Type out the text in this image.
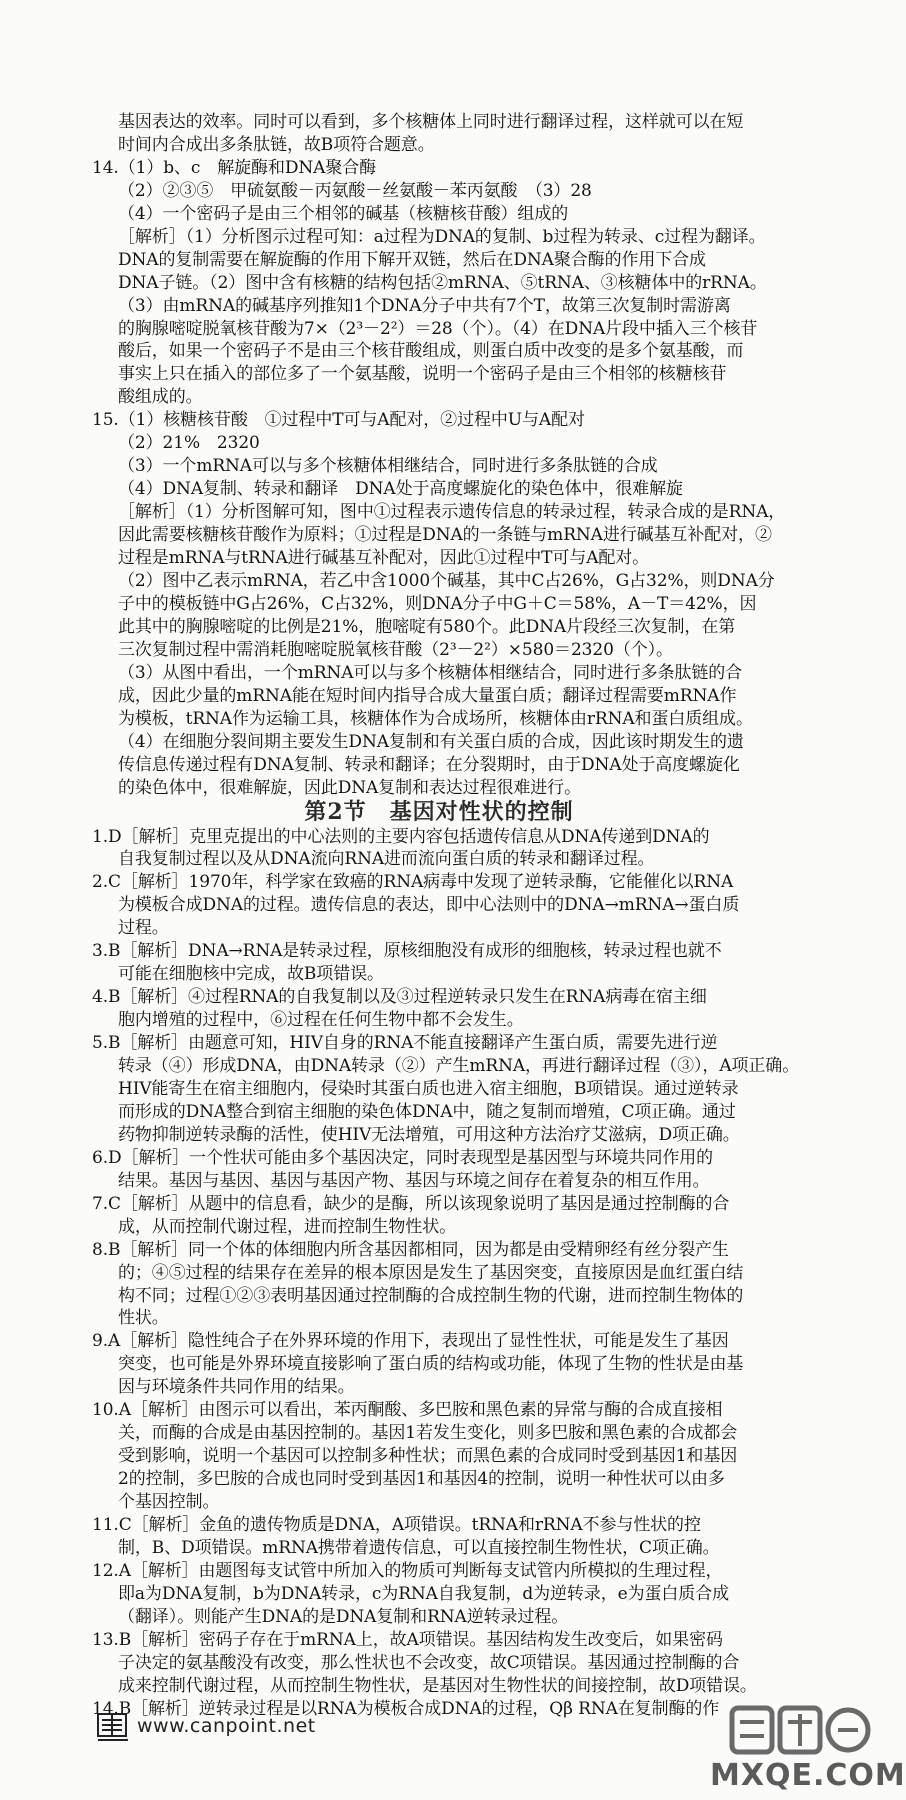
基因表达的效率。同时可以看到，多个核糖体上同时进行翻译过程，这样就可以在短
时间内合成出多条肽链，故B项符合题意。
14.（1）b、c　解旋酶和DNA聚合酶
（2）②③⑤　甲硫氨酸－丙氨酸－丝氨酸－苯丙氨酸　（3）28
（4）一个密码子是由三个相邻的碱基（核糖核苷酸）组成的
［解析］（1）分析图示过程可知：a过程为DNA的复制、b过程为转录、c过程为翻译。
DNA的复制需要在解旋酶的作用下解开双链，然后在DNA聚合酶的作用下合成
DNA子链。（2）图中含有核糖的结构包括②mRNA、⑤tRNA、③核糖体中的rRNA。
（3）由mRNA的碱基序列推知1个DNA分子中共有7个T，故第三次复制时需游离
的胸腺嘧啶脱氧核苷酸为7×（2³－2²）＝28（个）。（4）在DNA片段中插入三个核苷
酸后，如果一个密码子不是由三个核苷酸组成，则蛋白质中改变的是多个氨基酸，而
事实上只在插入的部位多了一个氨基酸，说明一个密码子是由三个相邻的核糖核苷
酸组成的。
15.（1）核糖核苷酸　①过程中T可与A配对，②过程中U与A配对
（2）21%　2320
（3）一个mRNA可以与多个核糖体相继结合，同时进行多条肽链的合成
（4）DNA复制、转录和翻译　DNA处于高度螺旋化的染色体中，很难解旋
［解析］（1）分析图解可知，图中①过程表示遗传信息的转录过程，转录合成的是RNA，
因此需要核糖核苷酸作为原料；①过程是DNA的一条链与mRNA进行碱基互补配对，②
过程是mRNA与tRNA进行碱基互补配对，因此①过程中T可与A配对。
（2）图中乙表示mRNA，若乙中含1000个碱基，其中C占26%，G占32%，则DNA分
子中的模板链中G占26%，C占32%，则DNA分子中G＋C＝58%，A－T＝42%，因
此其中的胸腺嘧啶的比例是21%，胞嘧啶有580个。此DNA片段经三次复制，在第
三次复制过程中需消耗胞嘧啶脱氧核苷酸（2³－2²）×580＝2320（个）。
（3）从图中看出，一个mRNA可以与多个核糖体相继结合，同时进行多条肽链的合
成，因此少量的mRNA能在短时间内指导合成大量蛋白质；翻译过程需要mRNA作
为模板，tRNA作为运输工具，核糖体作为合成场所，核糖体由rRNA和蛋白质组成。
（4）在细胞分裂间期主要发生DNA复制和有关蛋白质的合成，因此该时期发生的遗
传信息传递过程有DNA复制、转录和翻译；在分裂期时，由于DNA处于高度螺旋化
的染色体中，很难解旋，因此DNA复制和表达过程很难进行。
第2节　基因对性状的控制
1.D［解析］克里克提出的中心法则的主要内容包括遗传信息从DNA传递到DNA的
自我复制过程以及从DNA流向RNA进而流向蛋白质的转录和翻译过程。
2.C［解析］1970年，科学家在致癌的RNA病毒中发现了逆转录酶，它能催化以RNA
为模板合成DNA的过程。遗传信息的表达，即中心法则中的DNA→mRNA→蛋白质
过程。
3.B［解析］DNA→RNA是转录过程，原核细胞没有成形的细胞核，转录过程也就不
可能在细胞核中完成，故B项错误。
4.B［解析］④过程RNA的自我复制以及③过程逆转录只发生在RNA病毒在宿主细
胞内增殖的过程中，⑥过程在任何生物中都不会发生。
5.B［解析］由题意可知，HIV自身的RNA不能直接翻译产生蛋白质，需要先进行逆
转录（④）形成DNA，由DNA转录（②）产生mRNA，再进行翻译过程（③），A项正确。
HIV能寄生在宿主细胞内，侵染时其蛋白质也进入宿主细胞，B项错误。通过逆转录
而形成的DNA整合到宿主细胞的染色体DNA中，随之复制而增殖，C项正确。通过
药物抑制逆转录酶的活性，使HIV无法增殖，可用这种方法治疗艾滋病，D项正确。
6.D［解析］一个性状可能由多个基因决定，同时表现型是基因型与环境共同作用的
结果。基因与基因、基因与基因产物、基因与环境之间存在着复杂的相互作用。
7.C［解析］从题中的信息看，缺少的是酶，所以该现象说明了基因是通过控制酶的合
成，从而控制代谢过程，进而控制生物性状。
8.B［解析］同一个体的体细胞内所含基因都相同，因为都是由受精卵经有丝分裂产生
的；④⑤过程的结果存在差异的根本原因是发生了基因突变，直接原因是血红蛋白结
构不同；过程①②③表明基因通过控制酶的合成控制生物的代谢，进而控制生物体的
性状。
9.A［解析］隐性纯合子在外界环境的作用下，表现出了显性性状，可能是发生了基因
突变，也可能是外界环境直接影响了蛋白质的结构或功能，体现了生物的性状是由基
因与环境条件共同作用的结果。
10.A［解析］由图示可以看出，苯丙酮酸、多巴胺和黑色素的异常与酶的合成直接相
关，而酶的合成是由基因控制的。基因1若发生变化，则多巴胺和黑色素的合成都会
受到影响，说明一个基因可以控制多种性状；而黑色素的合成同时受到基因1和基因
2的控制，多巴胺的合成也同时受到基因1和基因4的控制，说明一种性状可以由多
个基因控制。
11.C［解析］金鱼的遗传物质是DNA，A项错误。tRNA和rRNA不参与性状的控
制，B、D项错误。mRNA携带着遗传信息，可以直接控制生物性状，C项正确。
12.A［解析］由题图每支试管中所加入的物质可判断每支试管内所模拟的生理过程，
即a为DNA复制，b为DNA转录，c为RNA自我复制，d为逆转录，e为蛋白质合成
（翻译）。则能产生DNA的是DNA复制和RNA逆转录过程。
13.B［解析］密码子存在于mRNA上，故A项错误。基因结构发生改变后，如果密码
子决定的氨基酸没有改变，那么性状也不会改变，故C项错误。基因通过控制酶的合
成来控制代谢过程，从而控制生物性状，是基因对生物性状的间接控制，故D项错误。
14.B［解析］逆转录过程是以RNA为模板合成DNA的过程，Qβ RNA在复制酶的作
www.canpoint.net
MXQE.COM
